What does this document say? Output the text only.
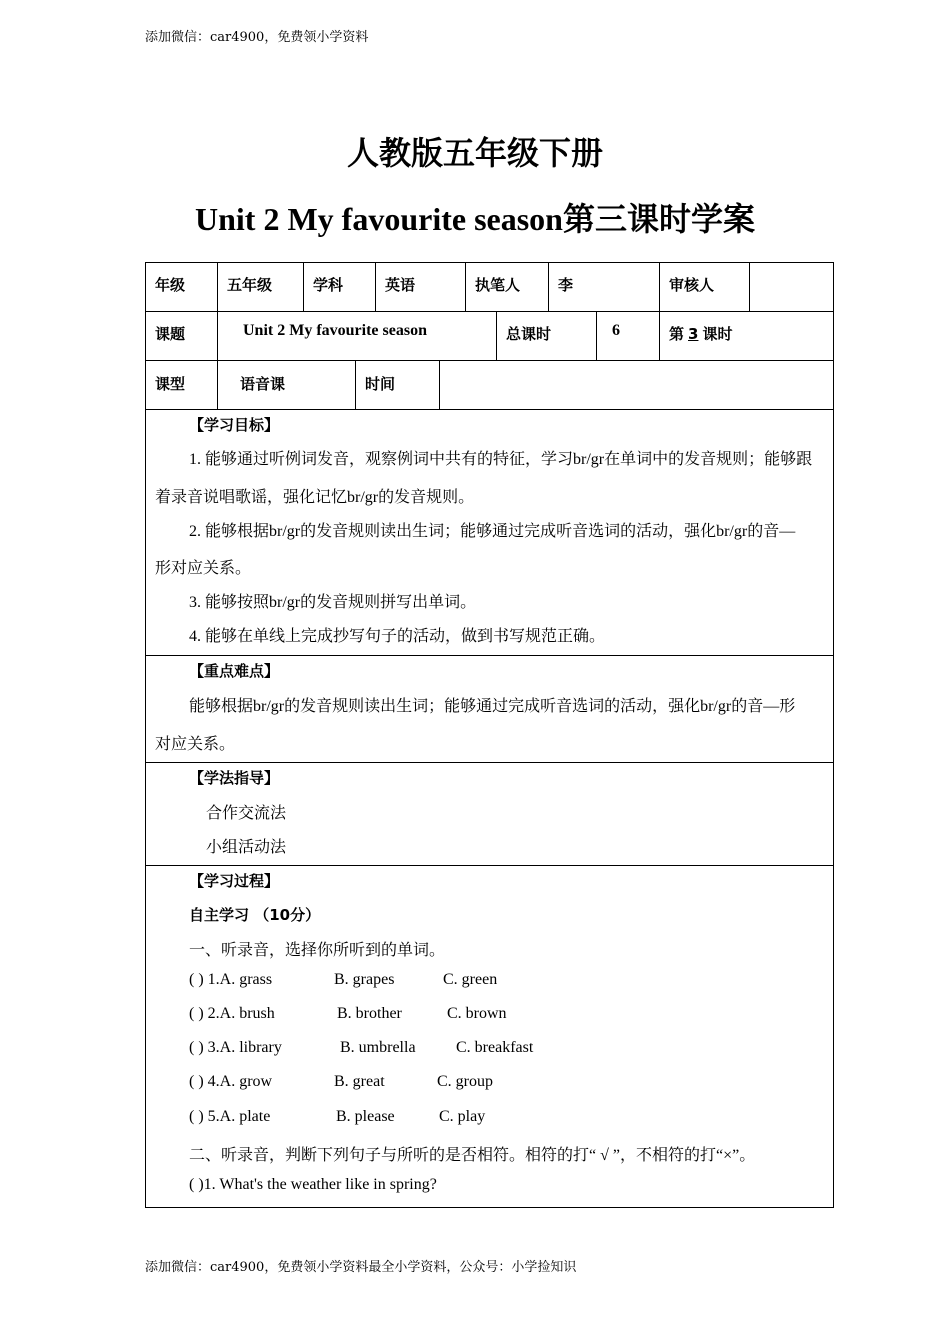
添加微信：car4900，免费领小学资料
人教版五年级下册
Unit 2 My favourite season第三课时学案
年级	五年级	学科	英语	执笔人	李	审核人
课题	Unit 2 My favourite season	总课时	6	第 3 课时
课型	语音课	时间
【学习目标】
1. 能够通过听例词发音，观察例词中共有的特征，学习br/gr在单词中的发音规则；能够跟
着录音说唱歌谣，强化记忆br/gr的发音规则。
2. 能够根据br/gr的发音规则读出生词；能够通过完成听音选词的活动，强化br/gr的音—
形对应关系。
3. 能够按照br/gr的发音规则拼写出单词。
4. 能够在单线上完成抄写句子的活动，做到书写规范正确。
【重点难点】
能够根据br/gr的发音规则读出生词；能够通过完成听音选词的活动，强化br/gr的音—形
对应关系。
【学法指导】
合作交流法
小组活动法
【学习过程】
自主学习 （10分）
一、听录音，选择你所听到的单词。
( ) 1.A. grass	B. grapes	C. green
( ) 2.A. brush	B. brother	C. brown
( ) 3.A. library	B. umbrella	C. breakfast
( ) 4.A. grow	B. great	C. group
( ) 5.A. plate	B. please	C. play
二、听录音，判断下列句子与所听的是否相符。相符的打“ √ ”，不相符的打“×”。
( )1. What's the weather like in spring?
添加微信：car4900，免费领小学资料最全小学资料，公众号：小学捡知识
